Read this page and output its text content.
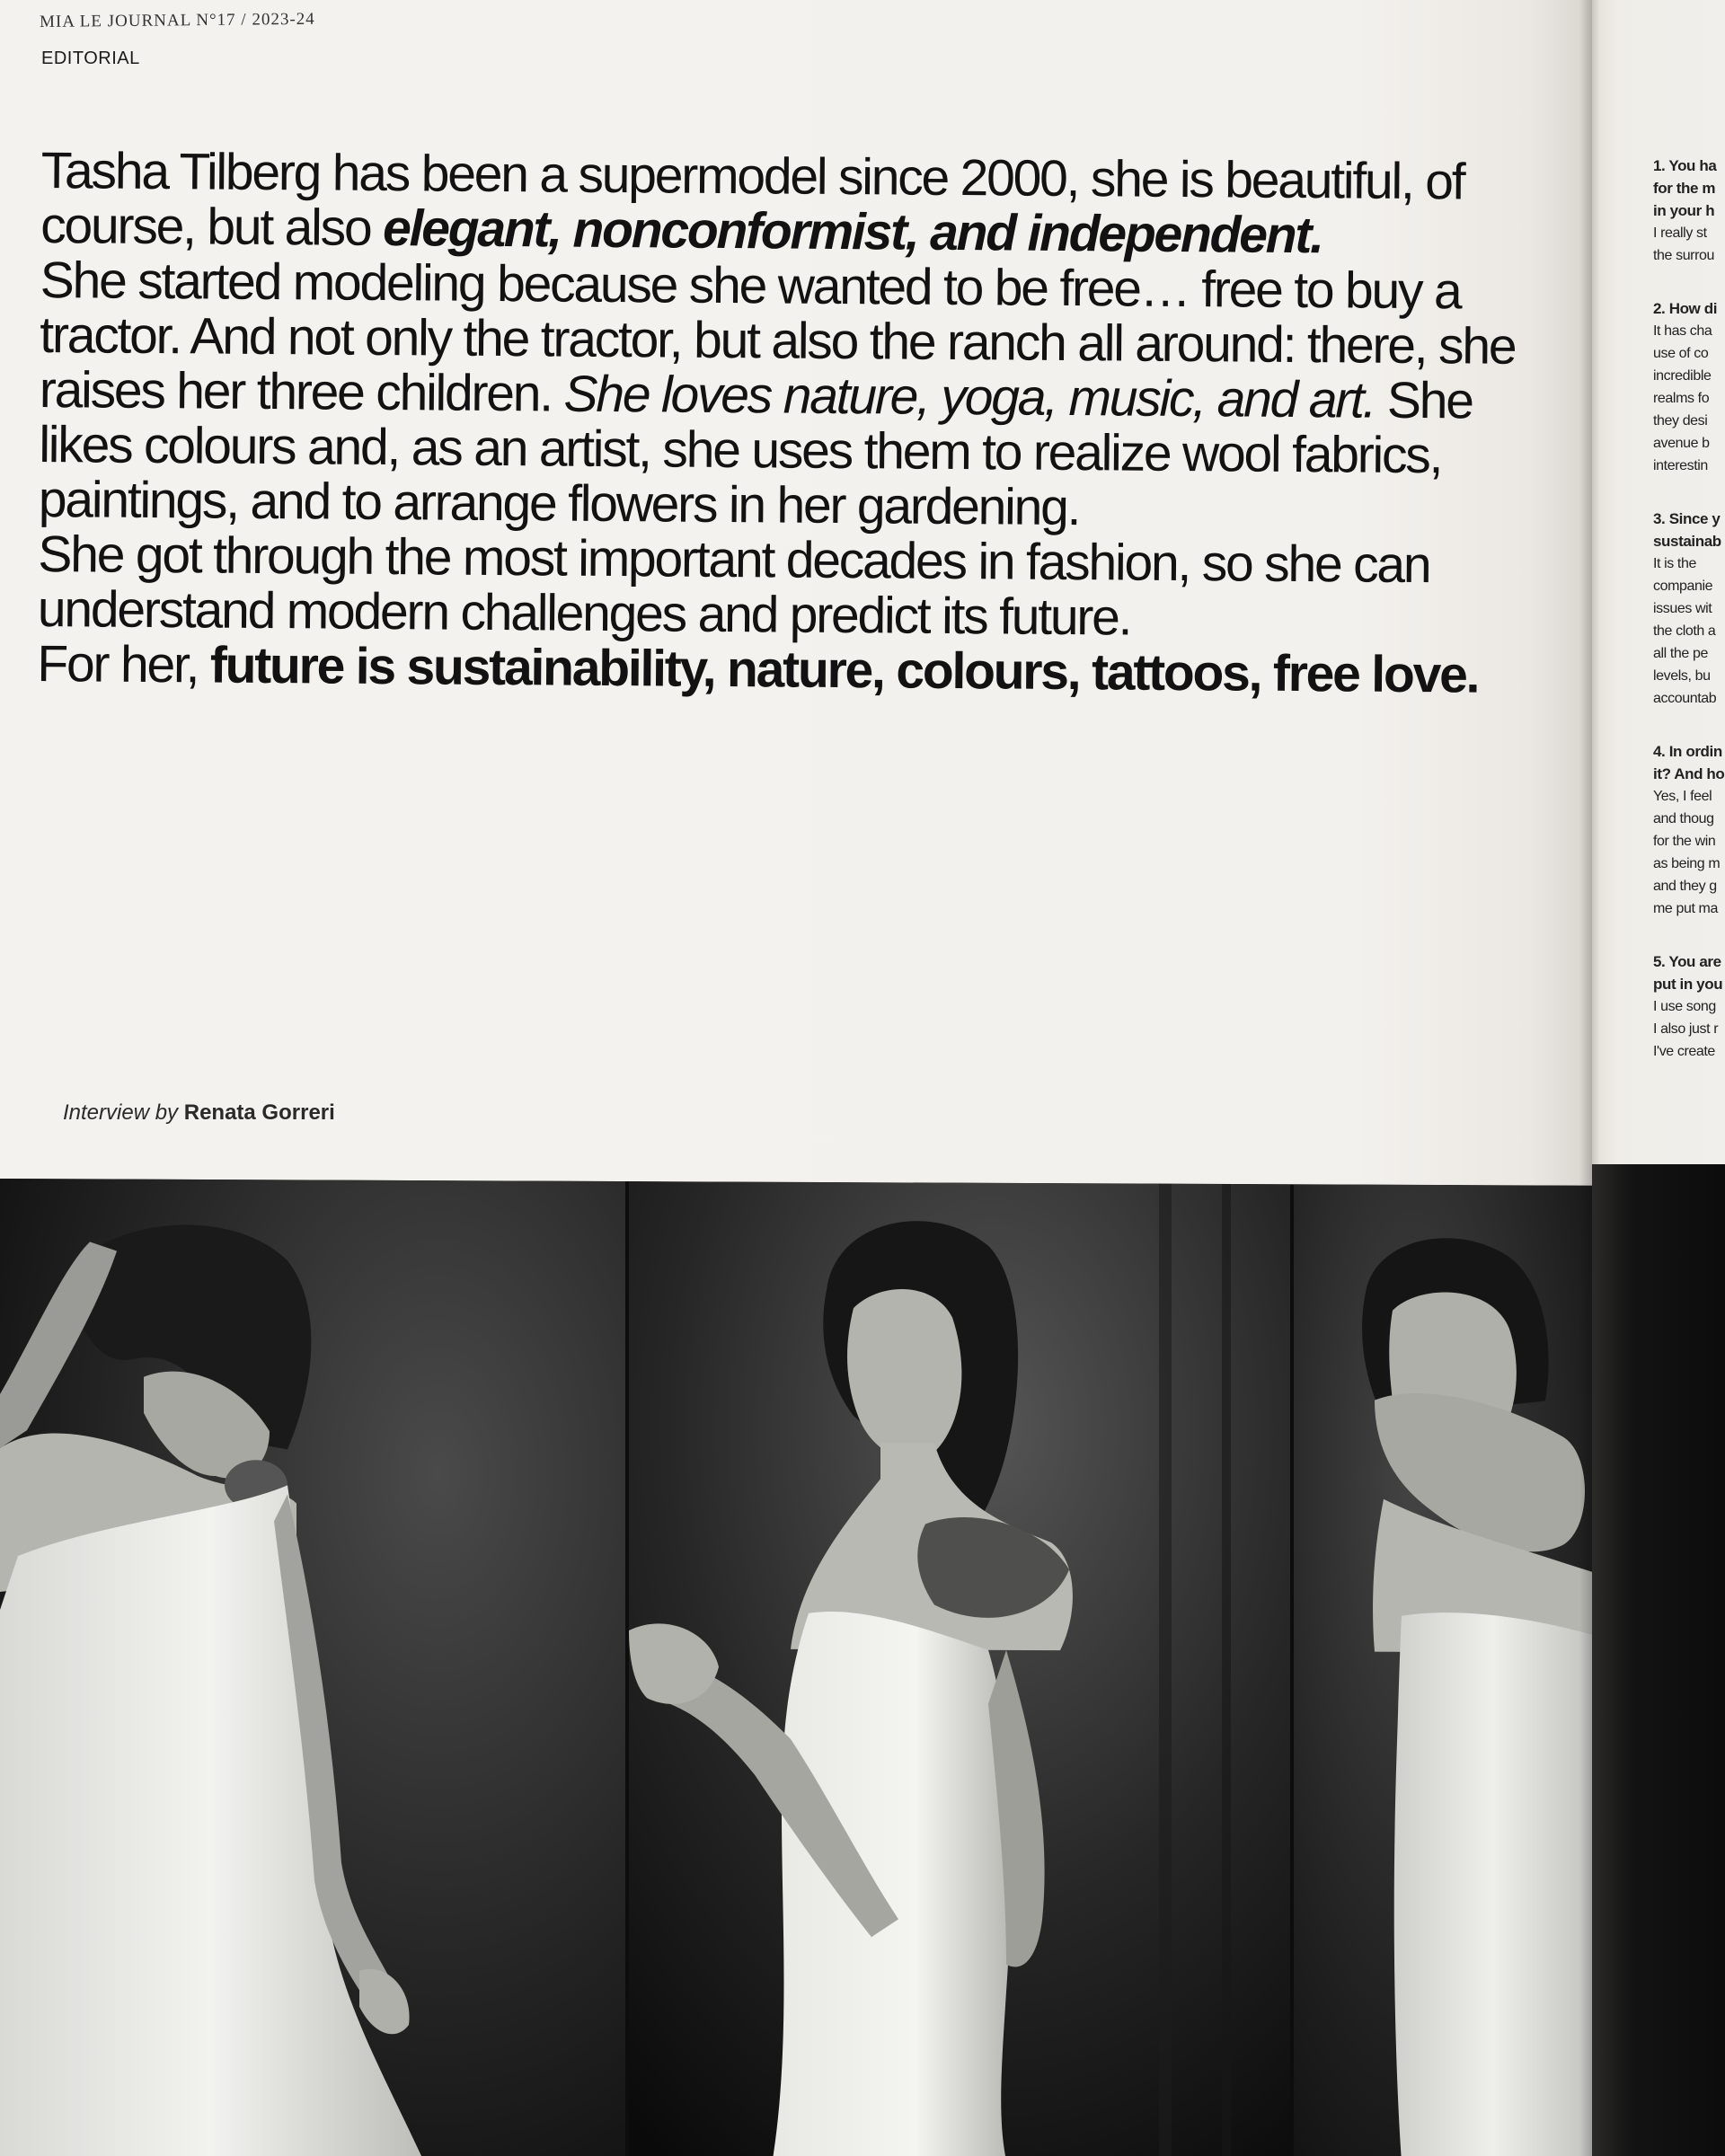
MIA LE JOURNAL N°17 / 2023-24
EDITORIAL

Tasha Tilberg has been a supermodel since 2000, she is beautiful, of course, but also elegant, nonconformist, and independent.

She started modeling because she wanted to be free… free to buy a tractor. And not only the tractor, but also the ranch all around: there, she raises her three children. She loves nature, yoga, music, and art. She likes colours and, as an artist, she uses them to realize wool fabrics, paintings, and to arrange flowers in her gardening.

She got through the most important decades in fashion, so she can understand modern challenges and predict its future.

For her, future is sustainability, nature, colours, tattoos, free love.

Interview by Renata Gorreri
1. You ha
for the m
in your h
I really st
the surrou
2. How di
It has cha
use of co
incredible
realms fo
they desi
avenue b
interestin
3. Since y
sustainab
It is the
companie
issues wit
the cloth a
all the pe
levels, bu
accountab
4. In ordin
it? And ho
Yes, I feel
and thoug
for the win
as being m
and they g
me put ma
5. You are
put in you
I use song
I also just r
I've create
